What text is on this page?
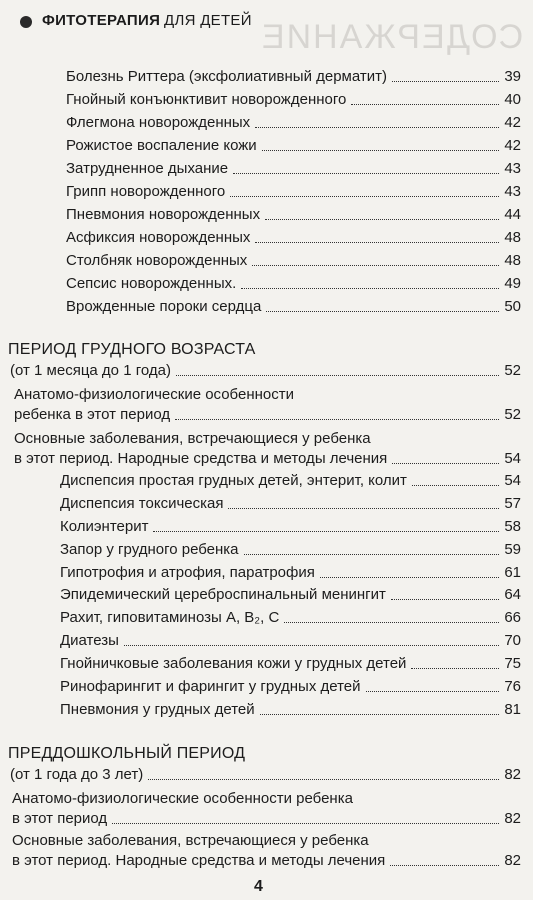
ФИТОТЕРАПИЯ ДЛЯ ДЕТЕЙ СОДЕРЖАНИЕ
Болезнь Риттера (эксфолиативный дерматит)	39
Гнойный конъюнктивит новорожденного	40
Флегмона новорожденных	42
Рожистое воспаление кожи	42
Затрудненное дыхание	43
Грипп новорожденного	43
Пневмония новорожденных	44
Асфиксия новорожденных	48
Столбняк новорожденных	48
Сепсис новорожденных.	49
Врожденные пороки сердца	50
ПЕРИОД ГРУДНОГО ВОЗРАСТА
(от 1 месяца до 1 года)	52
Анатомо-физиологические особенности
ребенка в этот период	52
Основные заболевания, встречающиеся у ребенка
в этот период. Народные средства и методы лечения	54
Диспепсия простая грудных детей, энтерит, колит	54
Диспепсия токсическая	57
Колиэнтерит	58
Запор у грудного ребенка	59
Гипотрофия и атрофия, паратрофия	61
Эпидемический цереброспинальный менингит	64
Рахит, гиповитаминозы А, В₂, С	66
Диатезы	70
Гнойничковые заболевания кожи у грудных детей	75
Ринофарингит и фарингит у грудных детей	76
Пневмония у грудных детей	81
ПРЕДДОШКОЛЬНЫЙ ПЕРИОД
(от 1 года до 3 лет)	82
Анатомо-физиологические особенности ребенка
в этот период	82
Основные заболевания, встречающиеся у ребенка
в этот период. Народные средства и методы лечения	82
4
